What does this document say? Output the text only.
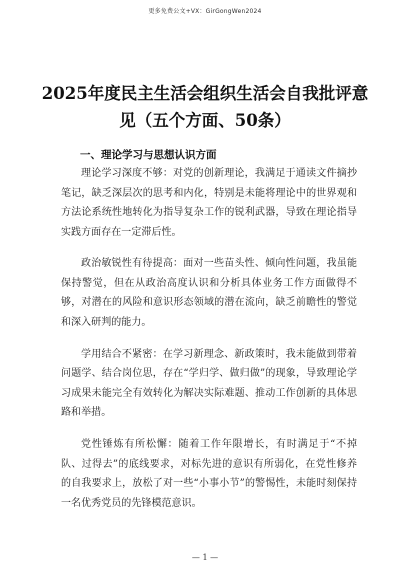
更多免费公文+VX：GirGongWen2024
2025年度民主生活会组织生活会自我批评意见（五个方面、50条）
一、理论学习与思想认识方面

理论学习深度不够：对党的创新理论，我满足于通读文件摘抄笔记，缺乏深层次的思考和内化，特别是未能将理论中的世界观和方法论系统性地转化为指导复杂工作的锐利武器，导致在理论指导实践方面存在一定滞后性。

政治敏锐性有待提高：面对一些苗头性、倾向性问题，我虽能保持警觉，但在从政治高度认识和分析具体业务工作方面做得不够，对潜在的风险和意识形态领域的潜在流向，缺乏前瞻性的警觉和深入研判的能力。

学用结合不紧密：在学习新理念、新政策时，我未能做到带着问题学、结合岗位思，存在“学归学、做归做”的现象，导致理论学习成果未能完全有效转化为解决实际难题、推动工作创新的具体思路和举措。

党性锤炼有所松懈：随着工作年限增长，有时满足于“不掉队、过得去”的底线要求，对标先进的意识有所弱化，在党性修养的自我要求上，放松了对一些“小事小节”的警惕性，未能时刻保持一名优秀党员的先锋模范意识。

— 1 —
